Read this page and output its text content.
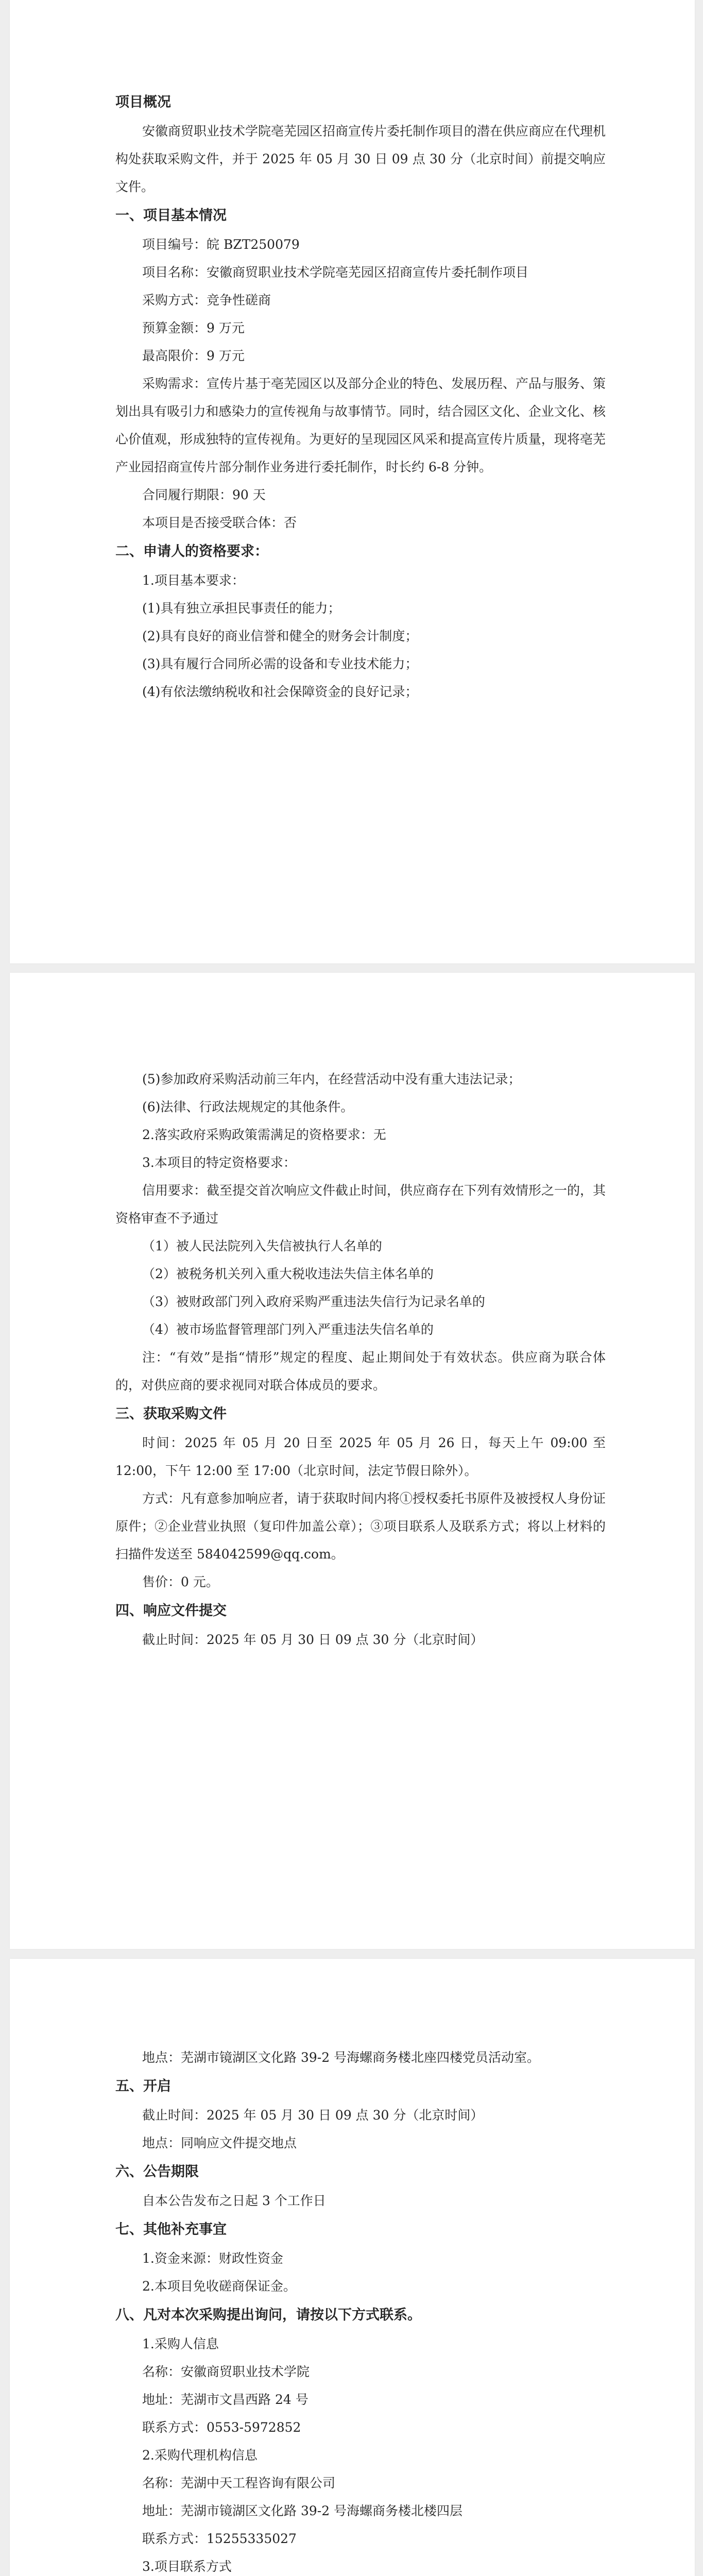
项目概况

安徽商贸职业技术学院亳芜园区招商宣传片委托制作项目的潜在供应商应在代理机构处获取采购文件，并于 2025 年 05 月 30 日 09 点 30 分（北京时间）前提交响应文件。

一、项目基本情况

项目编号：皖 BZT250079

项目名称：安徽商贸职业技术学院亳芜园区招商宣传片委托制作项目

采购方式：竞争性磋商

预算金额：9 万元

最高限价：9 万元

采购需求：宣传片基于亳芜园区以及部分企业的特色、发展历程、产品与服务、策划出具有吸引力和感染力的宣传视角与故事情节。同时，结合园区文化、企业文化、核心价值观，形成独特的宣传视角。为更好的呈现园区风采和提高宣传片质量，现将亳芜产业园招商宣传片部分制作业务进行委托制作，时长约 6-8 分钟。

合同履行期限：90 天

本项目是否接受联合体：否

二、申请人的资格要求：

1.项目基本要求：

(1)具有独立承担民事责任的能力；

(2)具有良好的商业信誉和健全的财务会计制度；

(3)具有履行合同所必需的设备和专业技术能力；

(4)有依法缴纳税收和社会保障资金的良好记录；

(5)参加政府采购活动前三年内，在经营活动中没有重大违法记录；

(6)法律、行政法规规定的其他条件。

2.落实政府采购政策需满足的资格要求：无

3.本项目的特定资格要求：

信用要求：截至提交首次响应文件截止时间，供应商存在下列有效情形之一的，其资格审查不予通过

（1）被人民法院列入失信被执行人名单的

（2）被税务机关列入重大税收违法失信主体名单的

（3）被财政部门列入政府采购严重违法失信行为记录名单的

（4）被市场监督管理部门列入严重违法失信名单的

注：“有效”是指“情形”规定的程度、起止期间处于有效状态。供应商为联合体的，对供应商的要求视同对联合体成员的要求。

三、获取采购文件

时间：2025 年 05 月 20 日至 2025 年 05 月 26 日，每天上午 09:00 至 12:00，下午 12:00 至 17:00（北京时间，法定节假日除外）。

方式：凡有意参加响应者，请于获取时间内将①授权委托书原件及被授权人身份证原件；②企业营业执照（复印件加盖公章）；③项目联系人及联系方式；将以上材料的扫描件发送至 584042599@qq.com。

售价：0 元。

四、响应文件提交

截止时间：2025 年 05 月 30 日 09 点 30 分（北京时间）

地点：芜湖市镜湖区文化路 39-2 号海螺商务楼北座四楼党员活动室。

五、开启

截止时间：2025 年 05 月 30 日 09 点 30 分（北京时间）

地点：同响应文件提交地点

六、公告期限

自本公告发布之日起 3 个工作日

七、其他补充事宜

1.资金来源：财政性资金

2.本项目免收磋商保证金。

八、凡对本次采购提出询问，请按以下方式联系。

1.采购人信息

名称：安徽商贸职业技术学院

地址：芜湖市文昌西路 24 号

联系方式：0553-5972852

2.采购代理机构信息

名称：芜湖中天工程咨询有限公司

地址：芜湖市镜湖区文化路 39-2 号海螺商务楼北楼四层

联系方式：15255335027

3.项目联系方式
